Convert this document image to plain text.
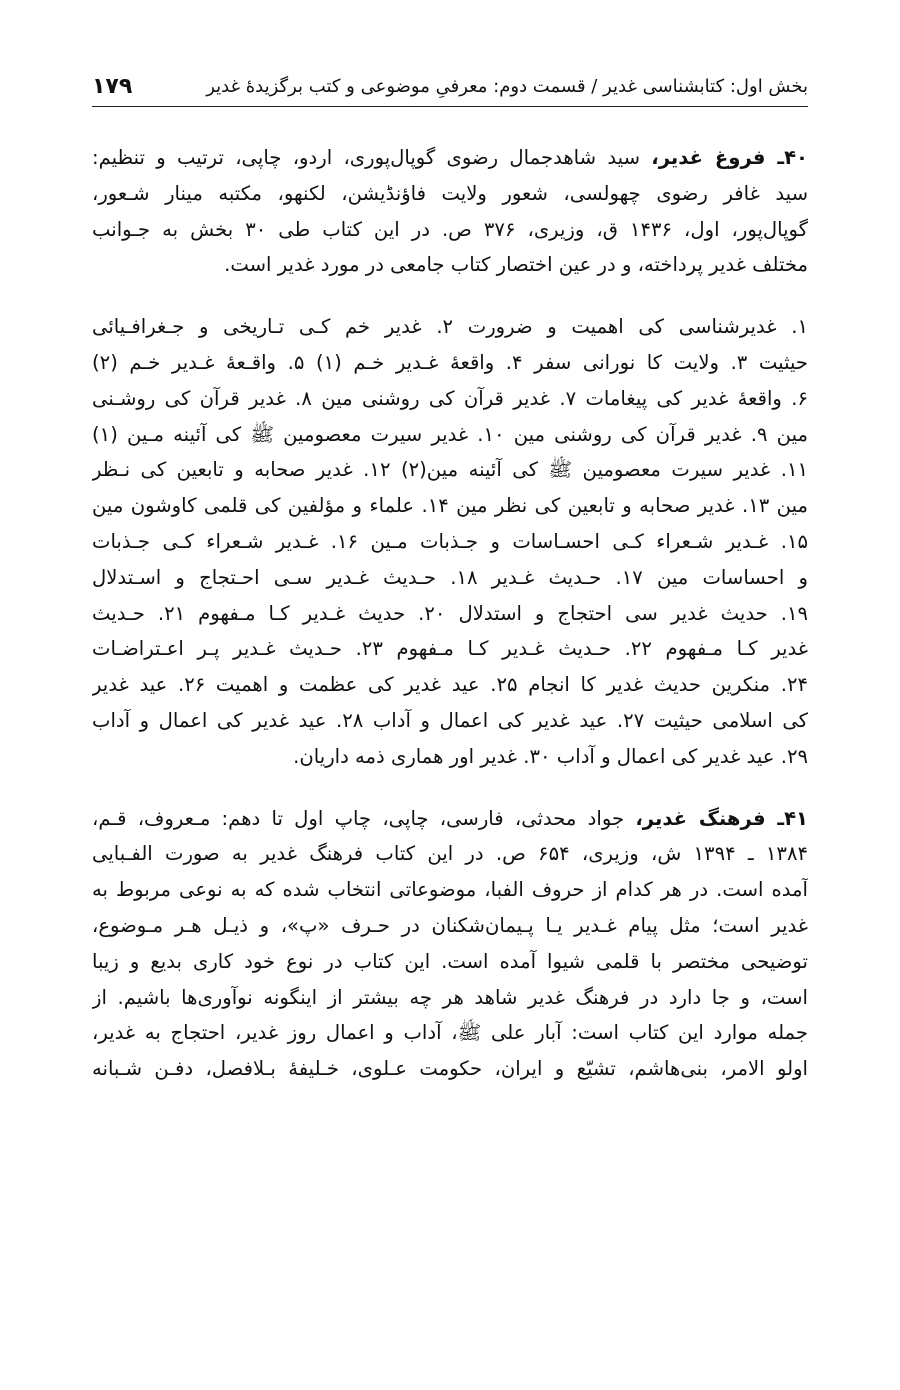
بخش اول: کتابشناسی غدیر / قسمت دوم: معرفیِ موضوعی و کتب برگزیدۀ غدیر
۱۷۹
۴۰ـ فروغ غدیر، سید شاهدجمال رضوی گوپال‌پوری، اردو، چاپی، ترتیب و تنظیم:
سید غافر رضوی چهولسی، شعور ولایت فاؤنڈیشن، لکنهو، مکتبه مینار شـعور،
گوپال‌پور، اول، ۱۴۳۶ ق، وزیری، ۳۷۶ ص. در این کتاب طی ۳۰ بخش به جـوانب
مختلف غدیر پرداخته، و در عین اختصار کتاب جامعی در مورد غدیر است.
۱. غدیرشناسی کی اهمیت و ضرورت ۲. غدیر خم کـی تـاریخی و جـغرافـیائی
حیثیت ۳. ولایت کا نورانی سفر ۴. واقعۀ غـدیر خـم (۱) ۵. واقـعۀ غـدیر خـم (۲)
۶. واقعۀ غدیر کی پیغامات ۷. غدیر قرآن کی روشنی مین ۸. غدیر قرآن کی روشـنی
مین ۹. غدیر قرآن کی روشنی مین ۱۰. غدیر سیرت معصومین ﷺ کی آئینه مـین (۱)
۱۱. غدیر سیرت معصومین ﷺ کی آئینه مین(۲) ۱۲. غدیر صحابه و تابعین کی نـظر
مین ۱۳. غدیر صحابه و تابعین کی نظر مین ۱۴. علماء و مؤلفین کی قلمی کاوشون مین
۱۵. غـدیر شـعراء کـی احسـاسات و جـذبات مـین ۱۶. غـدیر شـعراء کـی جـذبات
و احساسات مین ۱۷. حـدیث غـدیر ۱۸. حـدیث غـدیر سـی احـتجاج و اسـتدلال
۱۹. حدیث غدیر سی احتجاج و استدلال ۲۰. حدیث غـدیر کـا مـفهوم ۲۱. حـدیث
غدیر کـا مـفهوم ۲۲. حـدیث غـدیر کـا مـفهوم ۲۳. حـدیث غـدیر پـر اعـتراضـات
۲۴. منکرین حدیث غدیر کا انجام ۲۵. عید غدیر کی عظمت و اهمیت ۲۶. عید غدیر
کی اسلامی حیثیت ۲۷. عید غدیر کی اعمال و آداب ۲۸. عید غدیر کی اعمال و آداب
۲۹. عید غدیر کی اعمال و آداب ۳۰. غدیر اور هماری ذمه داریان.
۴۱ـ فرهنگ غدیر، جواد محدثی، فارسی، چاپی، چاپ اول تا دهم: مـعروف، قـم،
۱۳۸۴ ـ ۱۳۹۴ ش، وزیری، ۶۵۴ ص. در این کتاب فرهنگ غدیر به صورت الفـبایی
آمده است. در هر کدام از حروف الفبا، موضوعاتی انتخاب شده که به نوعی مربوط به
غدیر است؛ مثل پیام غـدیر یـا پـیمان‌شکنان در حـرف «پ»، و ذیـل هـر مـوضوع،
توضیحی مختصر با قلمی شیوا آمده است. این کتاب در نوع خود کاری بدیع و زیبا
است، و جا دارد در فرهنگ غدیر شاهد هر چه بیشتر از اینگونه نوآوری‌ها باشیم. از
جمله موارد این کتاب است: آبار علی ﷺ، آداب و اعمال روز غدیر، احتجاج به غدیر،
اولو الامر، بنی‌هاشم، تشیّع و ایران، حکومت عـلوی، خـلیفۀ بـلافصل، دفـن شـبانه
